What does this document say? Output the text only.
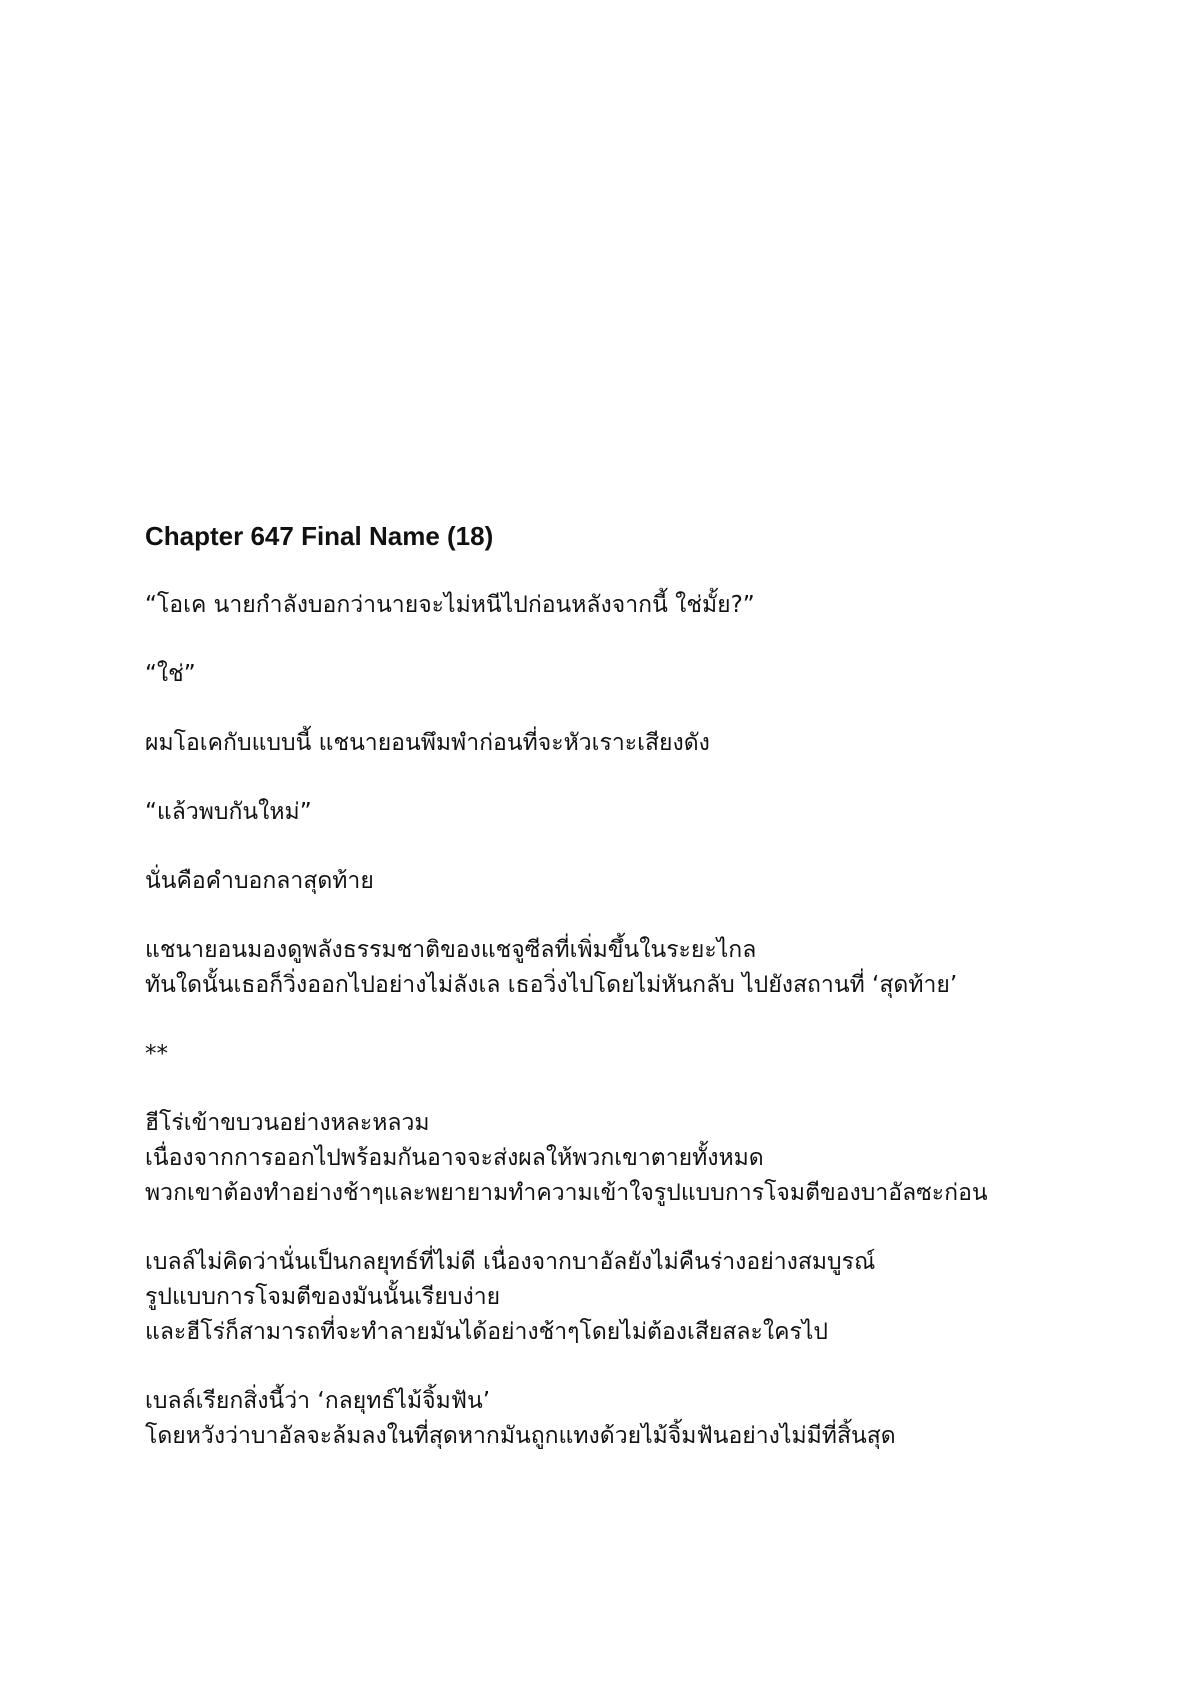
Chapter 647 Final Name (18)
“โอเค นายกำลังบอกว่านายจะไม่หนีไปก่อนหลังจากนี้ ใช่มั้ย?”
“ใช่”
ผมโอเคกับแบบนี้ แชนายอนพึมพำก่อนที่จะหัวเราะเสียงดัง
“แล้วพบกันใหม่”
นั่นคือคำบอกลาสุดท้าย
แชนายอนมองดูพลังธรรมชาติของแชจูซีลที่เพิ่มขึ้นในระยะไกล
ทันใดนั้นเธอก็วิ่งออกไปอย่างไม่ลังเล เธอวิ่งไปโดยไม่หันกลับ ไปยังสถานที่ ‘สุดท้าย’
**
ฮีโร่เข้าขบวนอย่างหละหลวม
เนื่องจากการออกไปพร้อมกันอาจจะส่งผลให้พวกเขาตายทั้งหมด
พวกเขาต้องทำอย่างช้าๆและพยายามทำความเข้าใจรูปแบบการโจมตีของบาอัลซะก่อน
เบลล์ไม่คิดว่านั่นเป็นกลยุทธ์ที่ไม่ดี เนื่องจากบาอัลยังไม่คืนร่างอย่างสมบูรณ์
รูปแบบการโจมตีของมันนั้นเรียบง่าย
และฮีโร่ก็สามารถที่จะทำลายมันได้อย่างช้าๆโดยไม่ต้องเสียสละใครไป
เบลล์เรียกสิ่งนี้ว่า ‘กลยุทธ์ไม้จิ้มฟัน’
โดยหวังว่าบาอัลจะล้มลงในที่สุดหากมันถูกแทงด้วยไม้จิ้มฟันอย่างไม่มีที่สิ้นสุด
